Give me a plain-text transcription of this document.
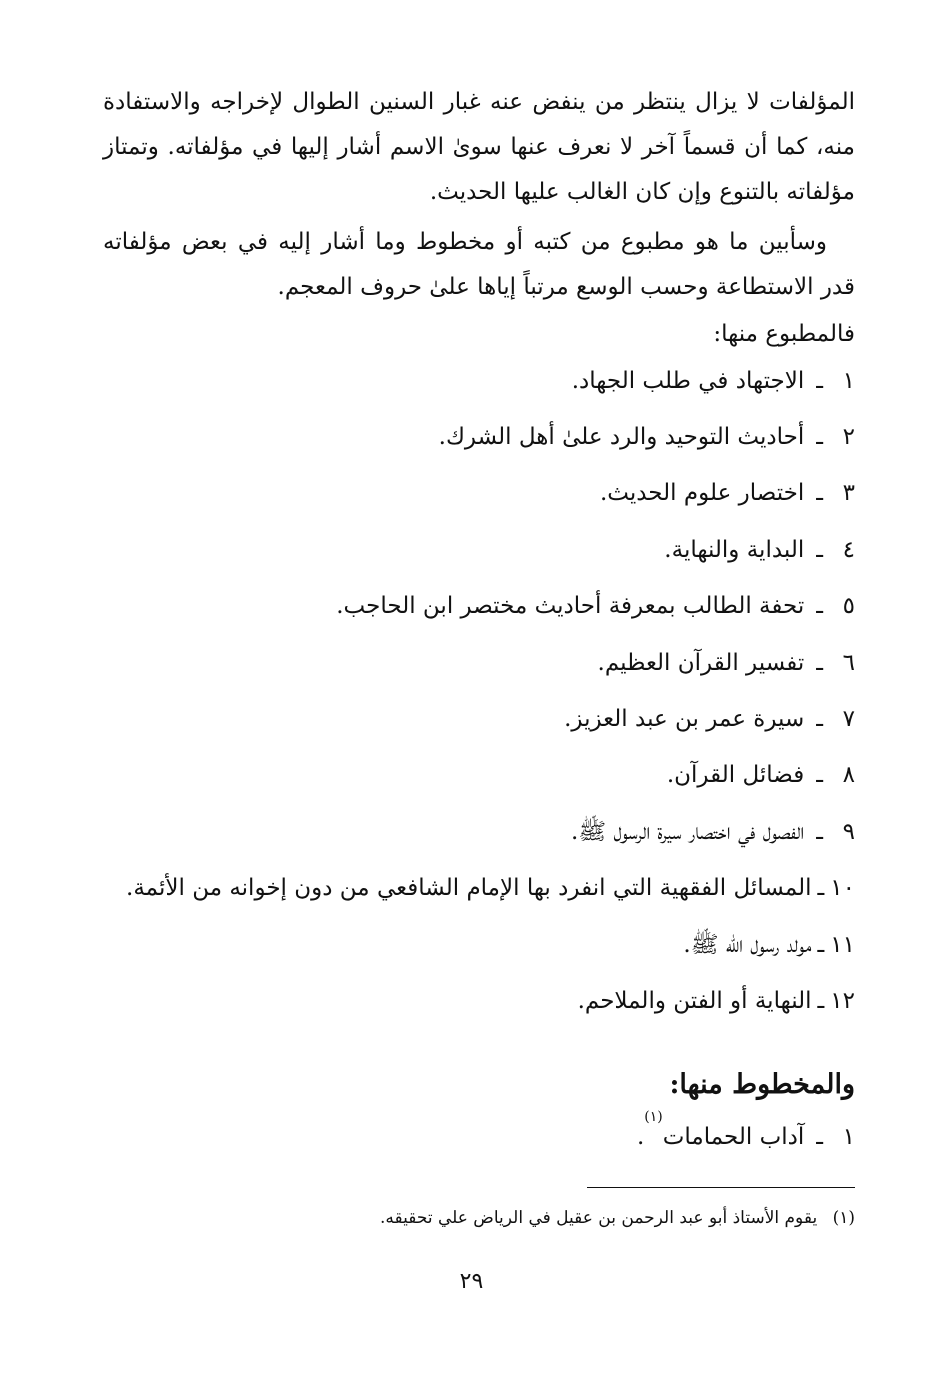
المؤلفات لا يزال ينتظر من ينفض عنه غبار السنين الطوال لإخراجه والاستفادة منه، كما أن قسماً آخر لا نعرف عنها سوىٰ الاسم أشار إليها في مؤلفاته. وتمتاز مؤلفاته بالتنوع وإن كان الغالب عليها الحديث.

وسأبين ما هو مطبوع من كتبه أو مخطوط وما أشار إليه في بعض مؤلفاته قدر الاستطاعة وحسب الوسع مرتباً إياها علىٰ حروف المعجم.

فالمطبوع منها:
١
ـ
الاجتهاد في طلب الجهاد.
٢
ـ
أحاديث التوحيد والرد علىٰ أهل الشرك.
٣
ـ
اختصار علوم الحديث.
٤
ـ
البداية والنهاية.
٥
ـ
تحفة الطالب بمعرفة أحاديث مختصر ابن الحاجب.
٦
ـ
تفسير القرآن العظيم.
٧
ـ
سيرة عمر بن عبد العزيز.
٨
ـ
فضائل القرآن.
٩
ـ
الفصول في اختصار سيرة الرسول ﷺ.
١٠
ـ
المسائل الفقهية التي انفرد بها الإمام الشافعي من دون إخوانه من الأئمة.
١١
ـ
مولد رسول الله ﷺ.
١٢
ـ
النهاية أو الفتن والملاحم.
والمخطوط منها:
١
ـ
آداب الحمامات
(١)
.
(١) يقوم الأستاذ أبو عبد الرحمن بن عقيل في الرياض علي تحقيقه.
٢٩
